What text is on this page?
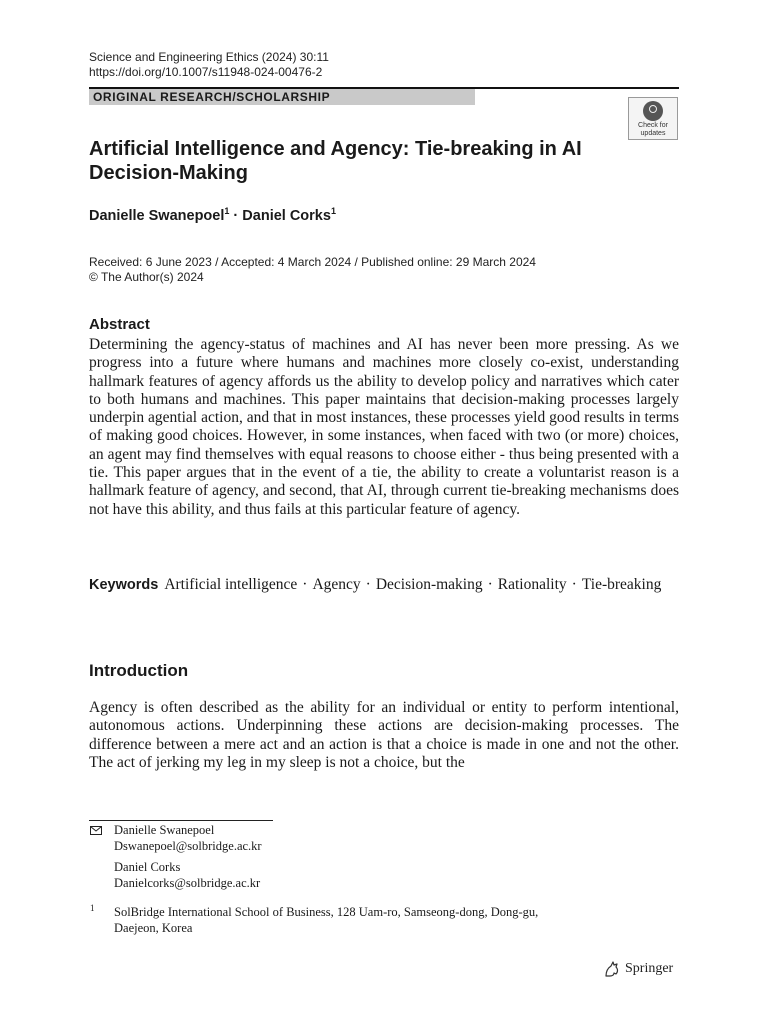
Science and Engineering Ethics (2024) 30:11
https://doi.org/10.1007/s11948-024-00476-2
ORIGINAL RESEARCH/SCHOLARSHIP
Check for
updates
Artificial Intelligence and Agency: Tie-breaking in AI Decision-Making
Danielle Swanepoel$^1$ · Daniel Corks$^1$
Received: 6 June 2023 / Accepted: 4 March 2024 / Published online: 29 March 2024
© The Author(s) 2024
Abstract
Determining the agency-status of machines and AI has never been more pressing. As we progress into a future where humans and machines more closely co-exist, understanding hallmark features of agency affords us the ability to develop policy and narratives which cater to both humans and machines. This paper maintains that decision-making processes largely underpin agential action, and that in most instances, these processes yield good results in terms of making good choices. However, in some instances, when faced with two (or more) choices, an agent may find themselves with equal reasons to choose either - thus being presented with a tie. This paper argues that in the event of a tie, the ability to create a voluntarist reason is a hallmark feature of agency, and second, that AI, through current tie-breaking mechanisms does not have this ability, and thus fails at this particular feature of agency.
Keywords Artificial intelligence · Agency · Decision-making · Rationality · Tie-breaking
Introduction
Agency is often described as the ability for an individual or entity to perform intentional, autonomous actions. Underpinning these actions are decision-making processes. The difference between a mere act and an action is that a choice is made in one and not the other. The act of jerking my leg in my sleep is not a choice, but the
Danielle Swanepoel
Dswanepoel@solbridge.ac.kr
Daniel Corks
Danielcorks@solbridge.ac.kr
1 SolBridge International School of Business, 128 Uam-ro, Samseong-dong, Dong-gu,
Daejeon, Korea
Springer
